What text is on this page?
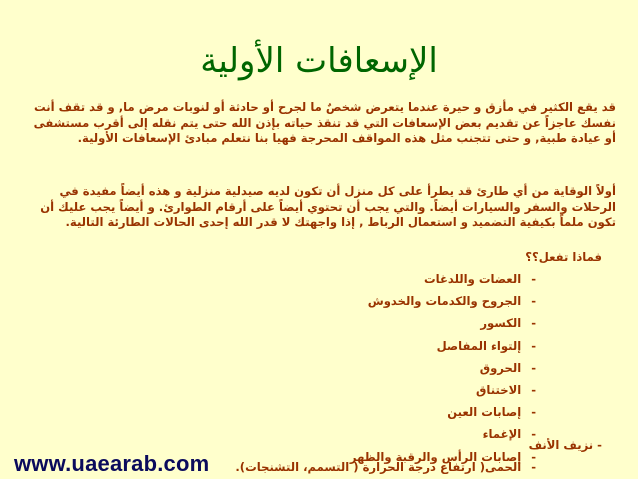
الإسعافات الأولية

قد يقع الكثير في مأزق و حيرة عندما يتعرض شخصٌ ما لجرح أو حادثة أو لنوبات مرض ما, و قد تقف أنت نفسك عاجزاً عن تقديم بعض الإسعافات التي قد تنقذ حياته بإذن الله حتى يتم نقله إلى أقرب مستشفى أو عيادة طبية, و حتى تتجنب مثل هذه المواقف المحرجة فهيا بنا نتعلم مبادئ الإسعافات الأولية.

أولاً الوقاية من أي طارئ قد يطرأ على كل منزل أن تكون لديه صيدلية منزلية و هذه أيضاً مفيدة في الرحلات والسفر والسيارات أيضاً. والتي يجب أن تحتوي أيضاً على أرقام الطوارئ. و أيضاً يجب عليك أن تكون ملماً بكيفية التضميد و استعمال الرباط , إذا واجهتك لا قدر الله إحدى الحالات الطارئة التالية.

فماذا تفعل؟؟

-العضات واللدغات
-الجروح والكدمات والخدوش
-الكسور
-إلتواء المفاصل
-الحروق
-الاختناق
-إصابات العين
-الإغماء
-إصابات الرأس والرقبة والظهر

- نزيف الأنف

-الحمى( ارتفاع درجة الحرارة ( التسمم، التشنجات).

www.uaearab.com
